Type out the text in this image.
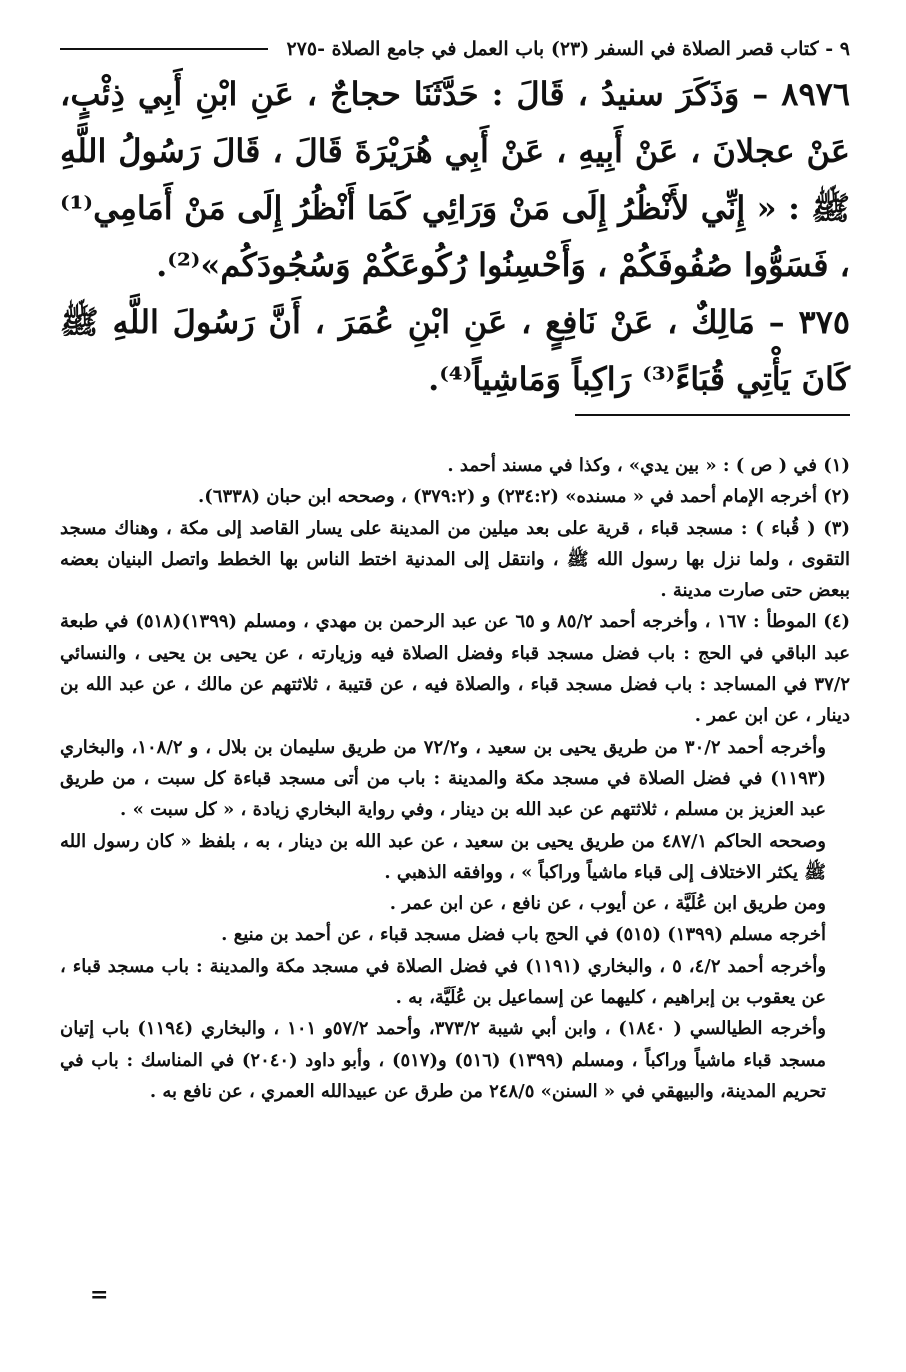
٩ - كتاب قصر الصلاة في السفر (٢٣) باب العمل في جامع الصلاة -٢٧٥

٨٩٧٦ – وَذَكَرَ سنيدُ ، قَالَ : حَدَّثَنَا حجاجٌ ، عَنِ ابْنِ أَبِي ذِئْبٍ، عَنْ عجلانَ ، عَنْ أَبِيهِ ، عَنْ أَبِي هُرَيْرَةَ قَالَ ، قَالَ رَسُولُ اللَّهِ ﷺ : « إِنِّي لأَنْظُرُ إِلَى مَنْ وَرَائِي كَمَا أَنْظُرُ إِلَى مَنْ أَمَامِي⁽¹⁾ ، فَسَوُّوا صُفُوفَكُمْ ، وَأَحْسِنُوا رُكُوعَكُمْ وَسُجُودَكُم»⁽²⁾.

٣٧٥ – مَالِكٌ ، عَنْ نَافِعٍ ، عَنِ ابْنِ عُمَرَ ، أَنَّ رَسُولَ اللَّهِ ﷺ كَانَ يَأْتِي قُبَاءً⁽³⁾ رَاكِباً وَمَاشِياً⁽⁴⁾.

(١) في ( ص ) : « بين يدي» ، وكذا في مسند أحمد .

(٢) أخرجه الإمام أحمد في « مسنده» (٢٣٤:٢) و (٣٧٩:٢) ، وصححه ابن حبان (٦٣٣٨).

(٣) ( قُباء ) : مسجد قباء ، قرية على بعد ميلين من المدينة على يسار القاصد إلى مكة ، وهناك مسجد التقوى ، ولما نزل بها رسول الله ﷺ ، وانتقل إلى المدنية اختط الناس بها الخطط واتصل البنيان بعضه ببعض حتى صارت مدينة .

(٤) الموطأ : ١٦٧ ، وأخرجه أحمد ٨٥/٢ و ٦٥ عن عبد الرحمن بن مهدي ، ومسلم (١٣٩٩)(٥١٨) في طبعة عبد الباقي في الحج : باب فضل مسجد قباء وفضل الصلاة فيه وزيارته ، عن يحيى بن يحيى ، والنسائي ٣٧/٢ في المساجد : باب فضل مسجد قباء ، والصلاة فيه ، عن قتيبة ، ثلاثتهم عن مالك ، عن عبد الله بن دينار ، عن ابن عمر .

وأخرجه أحمد ٣٠/٢ من طريق يحيى بن سعيد ، و٧٢/٢ من طريق سليمان بن بلال ، و ١٠٨/٢، والبخاري (١١٩٣) في فضل الصلاة في مسجد مكة والمدينة : باب من أتى مسجد قباءة كل سبت ، من طريق عبد العزيز بن مسلم ، ثلاثتهم عن عبد الله بن دينار ، وفي رواية البخاري زيادة ، « كل سبت » .

وصححه الحاكم ٤٨٧/١ من طريق يحيى بن سعيد ، عن عبد الله بن دينار ، به ، بلفظ « كان رسول الله ﷺ يكثر الاختلاف إلى قباء ماشياً وراكباً » ، ووافقه الذهبي .

ومن طريق ابن عُلَيَّة ، عن أيوب ، عن نافع ، عن ابن عمر .

أخرجه مسلم (١٣٩٩) (٥١٥) في الحج باب فضل مسجد قباء ، عن أحمد بن منيع .

وأخرجه أحمد ٤/٢، ٥ ، والبخاري (١١٩١) في فضل الصلاة في مسجد مكة والمدينة : باب مسجد قباء ، عن يعقوب بن إبراهيم ، كليهما عن إسماعيل بن عُلَيَّة، به .

وأخرجه الطيالسي ( ١٨٤٠) ، وابن أبي شيبة ٣٧٣/٢، وأحمد ٥٧/٢و ١٠١ ، والبخاري (١١٩٤) باب إتيان مسجد قباء ماشياً وراكباً ، ومسلم (١٣٩٩) (٥١٦) و(٥١٧) ، وأبو داود (٢٠٤٠) في المناسك : باب في تحريم المدينة، والبيهقي في « السنن» ٢٤٨/٥ من طرق عن عبيدالله العمري ، عن نافع به .

=
